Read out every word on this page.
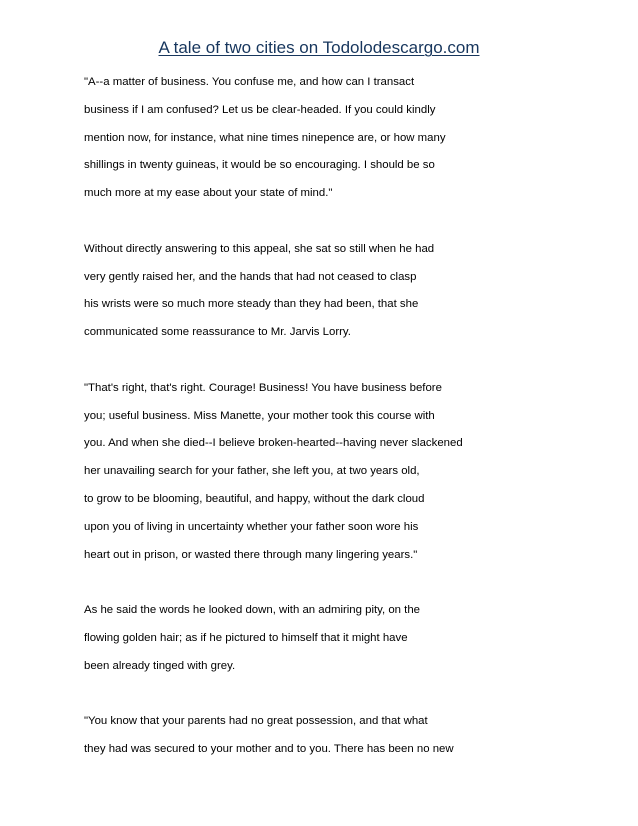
A tale of two cities on Todolodescargo.com
"A--a matter of business. You confuse me, and how can I transact
business if I am confused? Let us be clear-headed. If you could kindly
mention now, for instance, what nine times ninepence are, or how many
shillings in twenty guineas, it would be so encouraging. I should be so
much more at my ease about your state of mind."
Without directly answering to this appeal, she sat so still when he had
very gently raised her, and the hands that had not ceased to clasp
his wrists were so much more steady than they had been, that she
communicated some reassurance to Mr. Jarvis Lorry.
"That's right, that's right. Courage! Business! You have business before
you; useful business. Miss Manette, your mother took this course with
you. And when she died--I believe broken-hearted--having never slackened
her unavailing search for your father, she left you, at two years old,
to grow to be blooming, beautiful, and happy, without the dark cloud
upon you of living in uncertainty whether your father soon wore his
heart out in prison, or wasted there through many lingering years."
As he said the words he looked down, with an admiring pity, on the
flowing golden hair; as if he pictured to himself that it might have
been already tinged with grey.
"You know that your parents had no great possession, and that what
they had was secured to your mother and to you. There has been no new
